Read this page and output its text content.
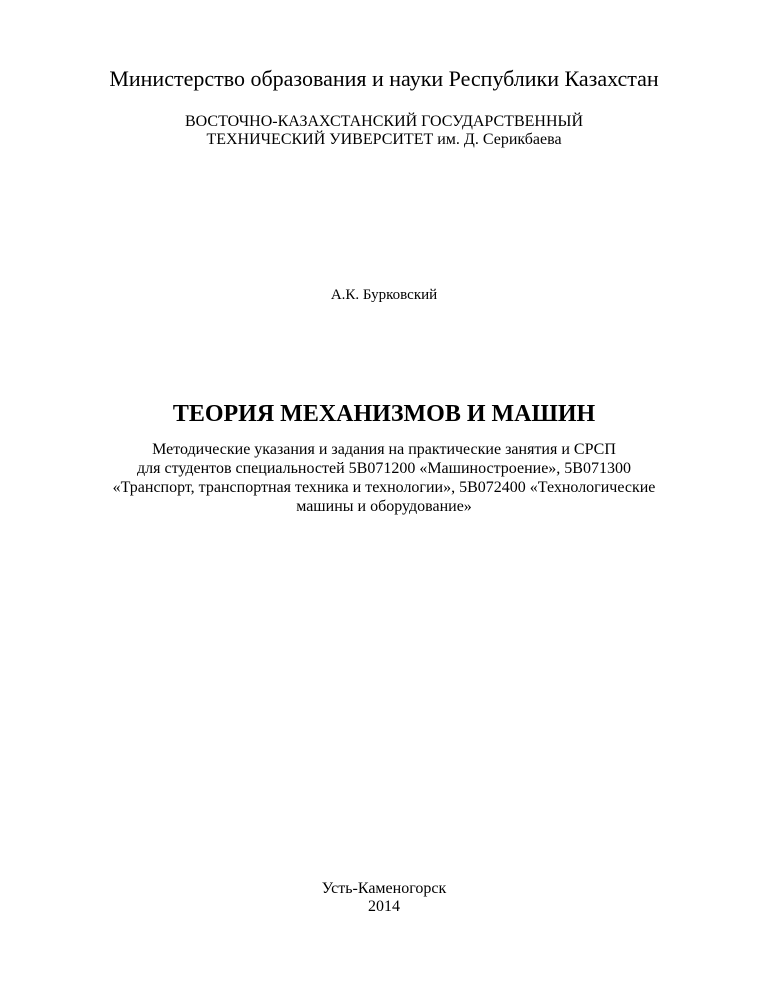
Министерство образования и науки Республики Казахстан
ВОСТОЧНО-КАЗАХСТАНСКИЙ ГОСУДАРСТВЕННЫЙ
ТЕХНИЧЕСКИЙ УИВЕРСИТЕТ им. Д. Серикбаева
А.К. Бурковский
ТЕОРИЯ МЕХАНИЗМОВ И МАШИН
Методические указания и задания на практические занятия и СРСП
для студентов специальностей 5В071200 «Машиностроение», 5В071300
«Транспорт, транспортная техника и технологии», 5В072400 «Технологические
машины и оборудование»
Усть-Каменогорск
2014
